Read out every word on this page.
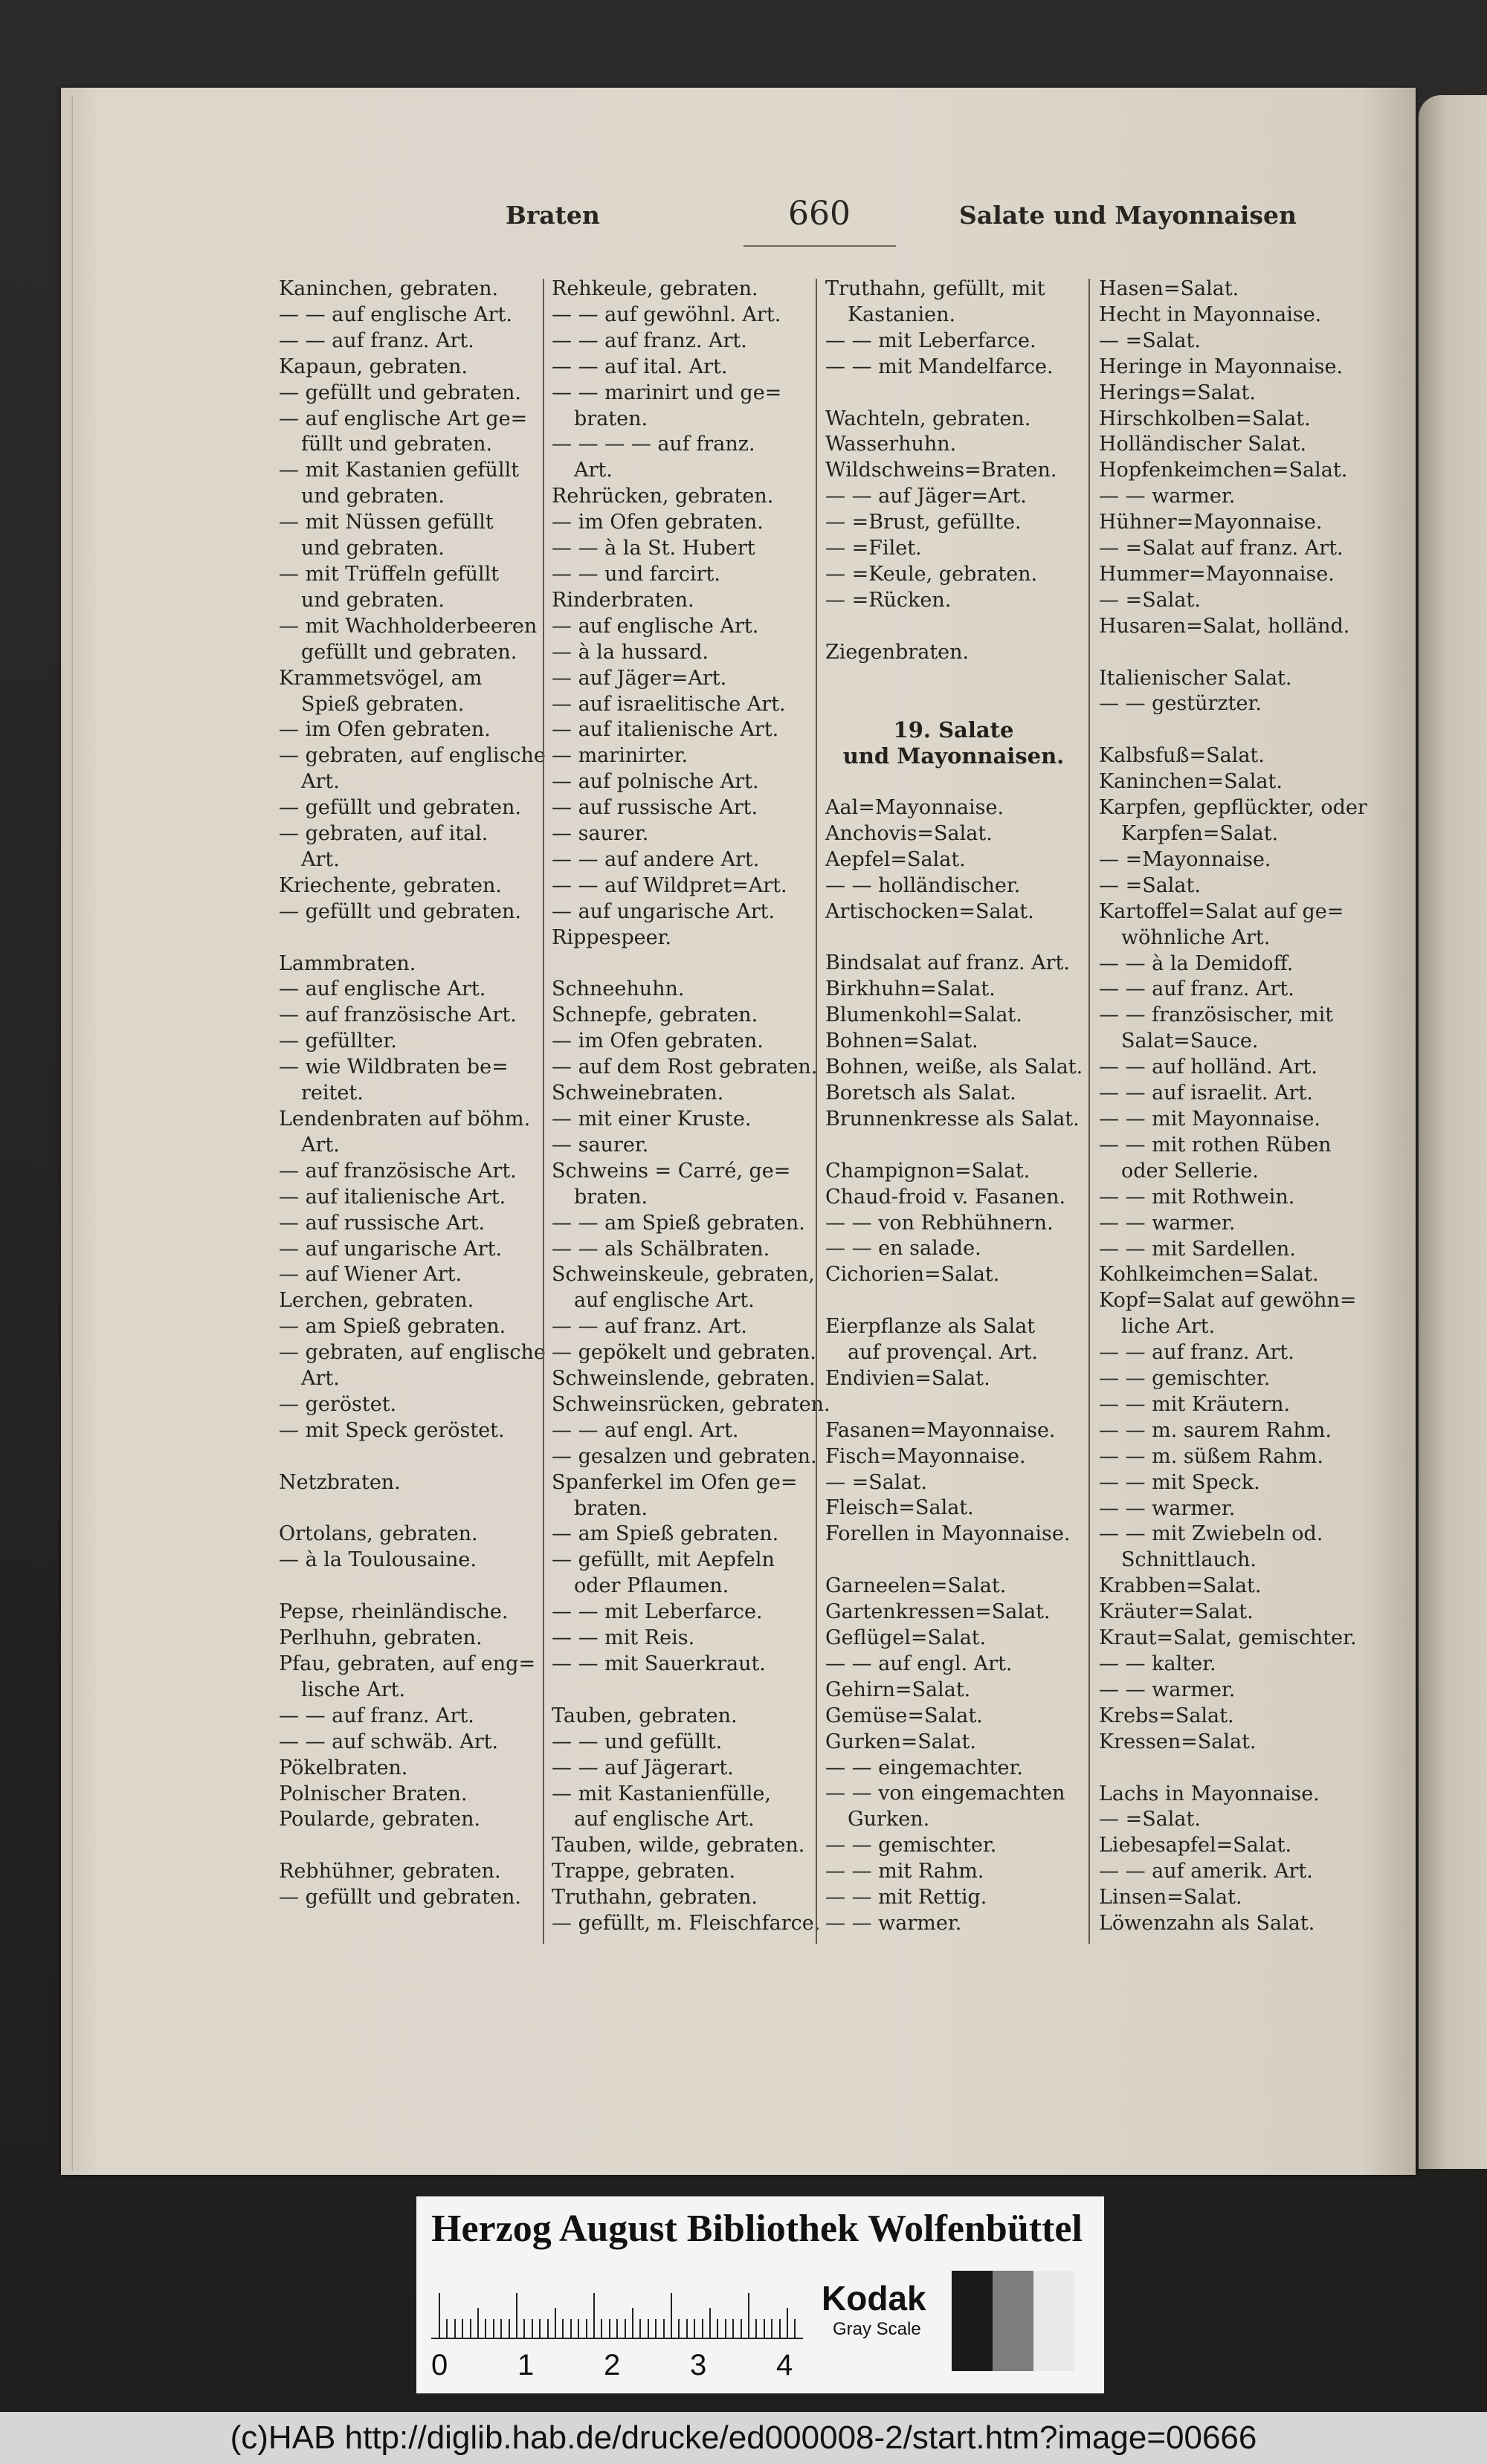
Braten	660	Salate und Mayonnaisen
Kaninchen, gebraten.
— — auf englische Art.
— — auf franz. Art.
Kapaun, gebraten.
— gefüllt und gebraten.
— auf englische Art ge=
füllt und gebraten.
— mit Kastanien gefüllt
und gebraten.
— mit Nüssen gefüllt
und gebraten.
— mit Trüffeln gefüllt
und gebraten.
— mit Wachholderbeeren
gefüllt und gebraten.
Krammetsvögel, am
Spieß gebraten.
— im Ofen gebraten.
— gebraten, auf englische
Art.
— gefüllt und gebraten.
— gebraten, auf ital.
Art.
Kriechente, gebraten.
— gefüllt und gebraten.
Lammbraten.
— auf englische Art.
— auf französische Art.
— gefüllter.
— wie Wildbraten be=
reitet.
Lendenbraten auf böhm.
Art.
— auf französische Art.
— auf italienische Art.
— auf russische Art.
— auf ungarische Art.
— auf Wiener Art.
Lerchen, gebraten.
— am Spieß gebraten.
— gebraten, auf englische
Art.
— geröstet.
— mit Speck geröstet.
Netzbraten.
Ortolans, gebraten.
— à la Toulousaine.
Pepse, rheinländische.
Perlhuhn, gebraten.
Pfau, gebraten, auf eng=
lische Art.
— — auf franz. Art.
— — auf schwäb. Art.
Pökelbraten.
Polnischer Braten.
Poularde, gebraten.
Rebhühner, gebraten.
— gefüllt und gebraten.
Rehkeule, gebraten.
— — auf gewöhnl. Art.
— — auf franz. Art.
— — auf ital. Art.
— — marinirt und ge=
braten.
— — — — auf franz.
Art.
Rehrücken, gebraten.
— im Ofen gebraten.
— — à la St. Hubert
— — und farcirt.
Rinderbraten.
— auf englische Art.
— à la hussard.
— auf Jäger=Art.
— auf israelitische Art.
— auf italienische Art.
— marinirter.
— auf polnische Art.
— auf russische Art.
— saurer.
— — auf andere Art.
— — auf Wildpret=Art.
— auf ungarische Art.
Rippespeer.
Schneehuhn.
Schnepfe, gebraten.
— im Ofen gebraten.
— auf dem Rost gebraten.
Schweinebraten.
— mit einer Kruste.
— saurer.
Schweins = Carré, ge=
braten.
— — am Spieß gebraten.
— — als Schälbraten.
Schweinskeule, gebraten,
auf englische Art.
— — auf franz. Art.
— gepökelt und gebraten.
Schweinslende, gebraten.
Schweinsrücken, gebraten.
— — auf engl. Art.
— gesalzen und gebraten.
Spanferkel im Ofen ge=
braten.
— am Spieß gebraten.
— gefüllt, mit Aepfeln
oder Pflaumen.
— — mit Leberfarce.
— — mit Reis.
— — mit Sauerkraut.
Tauben, gebraten.
— — und gefüllt.
— — auf Jägerart.
— mit Kastanienfülle,
auf englische Art.
Tauben, wilde, gebraten.
Trappe, gebraten.
Truthahn, gebraten.
— gefüllt, m. Fleischfarce.
Truthahn, gefüllt, mit
Kastanien.
— — mit Leberfarce.
— — mit Mandelfarce.
Wachteln, gebraten.
Wasserhuhn.
Wildschweins=Braten.
— — auf Jäger=Art.
— =Brust, gefüllte.
— =Filet.
— =Keule, gebraten.
— =Rücken.
Ziegenbraten.
19. Salate
und Mayonnaisen.
Aal=Mayonnaise.
Anchovis=Salat.
Aepfel=Salat.
— — holländischer.
Artischocken=Salat.
Bindsalat auf franz. Art.
Birkhuhn=Salat.
Blumenkohl=Salat.
Bohnen=Salat.
Bohnen, weiße, als Salat.
Boretsch als Salat.
Brunnenkresse als Salat.
Champignon=Salat.
Chaud-froid v. Fasanen.
— — von Rebhühnern.
— — en salade.
Cichorien=Salat.
Eierpflanze als Salat
auf provençal. Art.
Endivien=Salat.
Fasanen=Mayonnaise.
Fisch=Mayonnaise.
— =Salat.
Fleisch=Salat.
Forellen in Mayonnaise.
Garneelen=Salat.
Gartenkressen=Salat.
Geflügel=Salat.
— — auf engl. Art.
Gehirn=Salat.
Gemüse=Salat.
Gurken=Salat.
— — eingemachter.
— — von eingemachten
Gurken.
— — gemischter.
— — mit Rahm.
— — mit Rettig.
— — warmer.
Hasen=Salat.
Hecht in Mayonnaise.
— =Salat.
Heringe in Mayonnaise.
Herings=Salat.
Hirschkolben=Salat.
Holländischer Salat.
Hopfenkeimchen=Salat.
— — warmer.
Hühner=Mayonnaise.
— =Salat auf franz. Art.
Hummer=Mayonnaise.
— =Salat.
Husaren=Salat, holländ.
Italienischer Salat.
— — gestürzter.
Kalbsfuß=Salat.
Kaninchen=Salat.
Karpfen, gepflückter, oder
Karpfen=Salat.
— =Mayonnaise.
— =Salat.
Kartoffel=Salat auf ge=
wöhnliche Art.
— — à la Demidoff.
— — auf franz. Art.
— — französischer, mit
Salat=Sauce.
— — auf holländ. Art.
— — auf israelit. Art.
— — mit Mayonnaise.
— — mit rothen Rüben
oder Sellerie.
— — mit Rothwein.
— — warmer.
— — mit Sardellen.
Kohlkeimchen=Salat.
Kopf=Salat auf gewöhn=
liche Art.
— — auf franz. Art.
— — gemischter.
— — mit Kräutern.
— — m. saurem Rahm.
— — m. süßem Rahm.
— — mit Speck.
— — warmer.
— — mit Zwiebeln od.
Schnittlauch.
Krabben=Salat.
Kräuter=Salat.
Kraut=Salat, gemischter.
— — kalter.
— — warmer.
Krebs=Salat.
Kressen=Salat.
Lachs in Mayonnaise.
— =Salat.
Liebesapfel=Salat.
— — auf amerik. Art.
Linsen=Salat.
Löwenzahn als Salat.
Herzog August Bibliothek Wolfenbüttel
0 1 2 3 4
Kodak
Gray Scale
(c)HAB http://diglib.hab.de/drucke/ed000008-2/start.htm?image=00666
